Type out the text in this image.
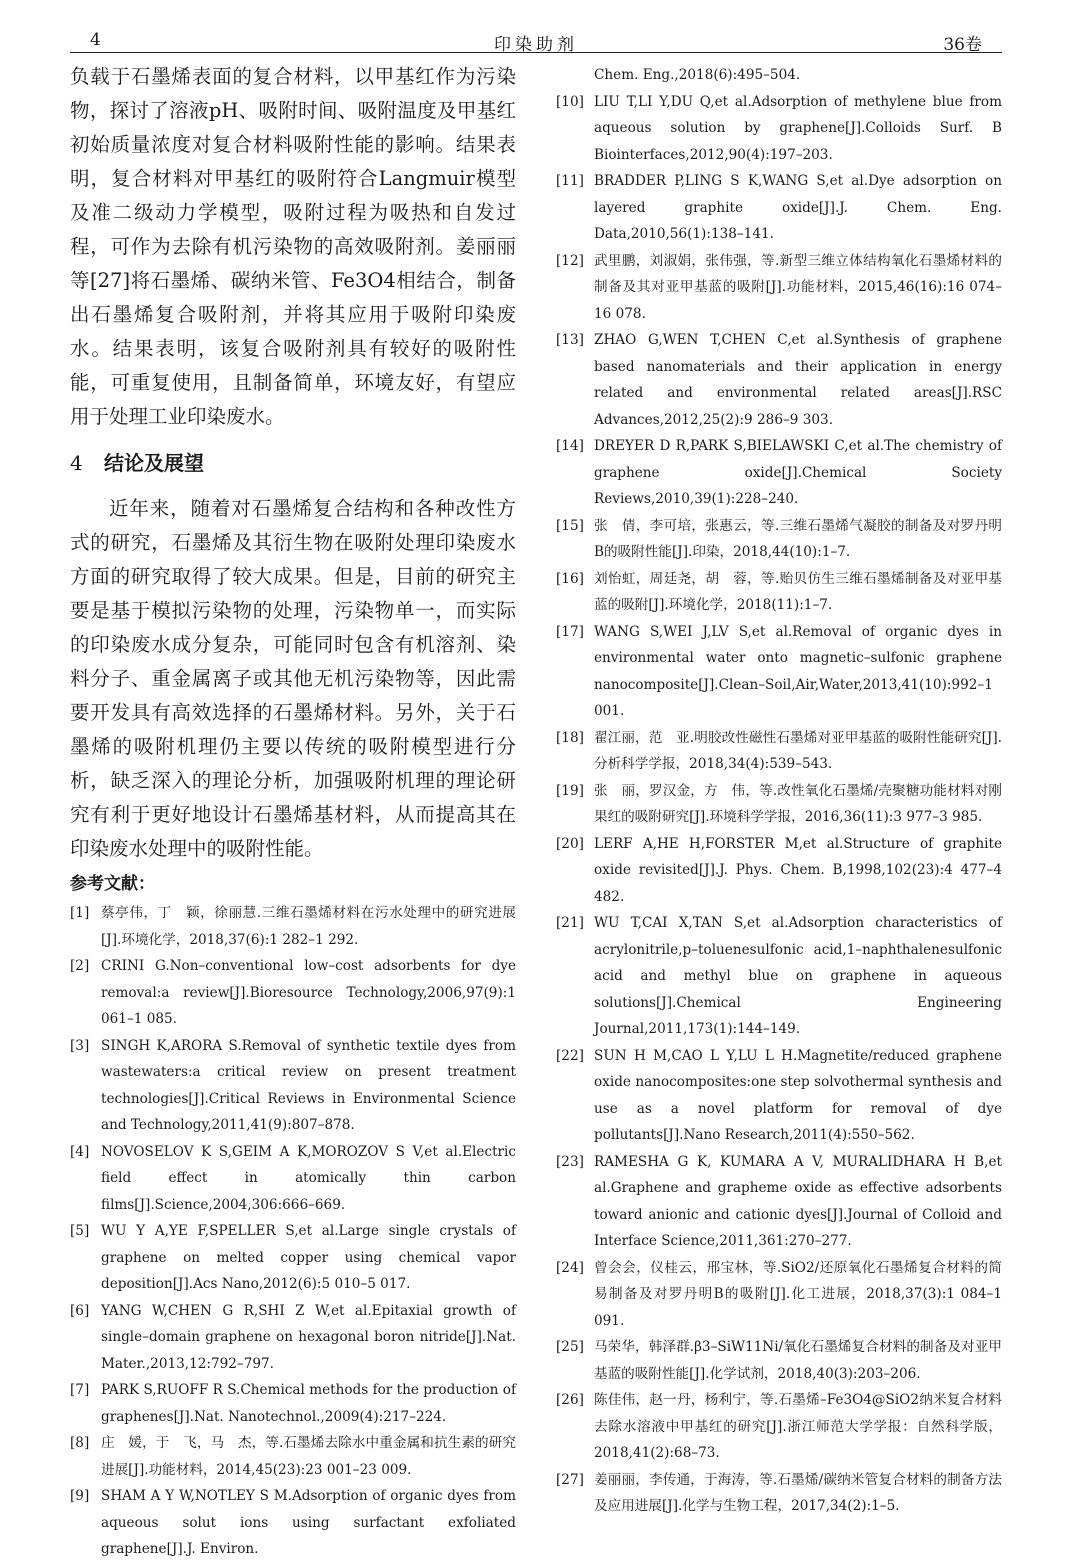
4	印染助剂	36卷

负载于石墨烯表面的复合材料，以甲基红作为污染物，探讨了溶液pH、吸附时间、吸附温度及甲基红初始质量浓度对复合材料吸附性能的影响。结果表明，复合材料对甲基红的吸附符合Langmuir模型及准二级动力学模型，吸附过程为吸热和自发过程，可作为去除有机污染物的高效吸附剂。姜丽丽等[27]将石墨烯、碳纳米管、Fe3O4相结合，制备出石墨烯复合吸附剂，并将其应用于吸附印染废水。结果表明，该复合吸附剂具有较好的吸附性能，可重复使用，且制备简单，环境友好，有望应用于处理工业印染废水。

4 结论及展望

近年来，随着对石墨烯复合结构和各种改性方式的研究，石墨烯及其衍生物在吸附处理印染废水方面的研究取得了较大成果。但是，目前的研究主要是基于模拟污染物的处理，污染物单一，而实际的印染废水成分复杂，可能同时包含有机溶剂、染料分子、重金属离子或其他无机污染物等，因此需要开发具有高效选择的石墨烯材料。另外，关于石墨烯的吸附机理仍主要以传统的吸附模型进行分析，缺乏深入的理论分析，加强吸附机理的理论研究有利于更好地设计石墨烯基材料，从而提高其在印染废水处理中的吸附性能。

参考文献：

[1] 蔡亭伟，丁　颖，徐丽慧.三维石墨烯材料在污水处理中的研究进展[J].环境化学，2018,37(6):1 282–1 292.

[2] CRINI G.Non–conventional low–cost adsorbents for dye removal:a review[J].Bioresource Technology,2006,97(9):1 061–1 085.

[3] SINGH K,ARORA S.Removal of synthetic textile dyes from wastewaters:a critical review on present treatment technologies[J].Critical Reviews in Environmental Science and Technology,2011,41(9):807–878.

[4] NOVOSELOV K S,GEIM A K,MOROZOV S V,et al.Electric field effect in atomically thin carbon films[J].Science,2004,306:666–669.

[5] WU Y A,YE F,SPELLER S,et al.Large single crystals of graphene on melted copper using chemical vapor deposition[J].Acs Nano,2012(6):5 010–5 017.

[6] YANG W,CHEN G R,SHI Z W,et al.Epitaxial growth of single–domain graphene on hexagonal boron nitride[J].Nat. Mater.,2013,12:792–797.

[7] PARK S,RUOFF R S.Chemical methods for the production of graphenes[J].Nat. Nanotechnol.,2009(4):217–224.

[8] 庄　媛，于　飞，马　杰，等.石墨烯去除水中重金属和抗生素的研究进展[J].功能材料，2014,45(23):23 001–23 009.

[9] SHAM A Y W,NOTLEY S M.Adsorption of organic dyes from aqueous solut ions using surfactant exfoliated graphene[J].J. Environ.

Chem. Eng.,2018(6):495–504.

[10] LIU T,LI Y,DU Q,et al.Adsorption of methylene blue from aqueous solution by graphene[J].Colloids Surf. B Biointerfaces,2012,90(4):197–203.

[11] BRADDER P,LING S K,WANG S,et al.Dye adsorption on layered graphite oxide[J].J. Chem. Eng. Data,2010,56(1):138–141.

[12] 武里鹏，刘淑娟，张伟强，等.新型三维立体结构氧化石墨烯材料的制备及其对亚甲基蓝的吸附[J].功能材料，2015,46(16):16 074–16 078.

[13] ZHAO G,WEN T,CHEN C,et al.Synthesis of graphene based nanomaterials and their application in energy related and environmental related areas[J].RSC Advances,2012,25(2):9 286–9 303.

[14] DREYER D R,PARK S,BIELAWSKI C,et al.The chemistry of graphene oxide[J].Chemical Society Reviews,2010,39(1):228–240.

[15] 张　倩，李可培，张惠云，等.三维石墨烯气凝胶的制备及对罗丹明B的吸附性能[J].印染，2018,44(10):1–7.

[16] 刘怡虹，周廷尧，胡　蓉，等.贻贝仿生三维石墨烯制备及对亚甲基蓝的吸附[J].环境化学，2018(11):1–7.

[17] WANG S,WEI J,LV S,et al.Removal of organic dyes in environmental water onto magnetic–sulfonic graphene nanocomposite[J].Clean–Soil,Air,Water,2013,41(10):992–1 001.

[18] 翟江丽，范　亚.明胶改性磁性石墨烯对亚甲基蓝的吸附性能研究[J].分析科学学报，2018,34(4):539–543.

[19] 张　丽，罗汉金，方　伟，等.改性氧化石墨烯/壳聚糖功能材料对刚果红的吸附研究[J].环境科学学报，2016,36(11):3 977–3 985.

[20] LERF A,HE H,FORSTER M,et al.Structure of graphite oxide revisited[J].J. Phys. Chem. B,1998,102(23):4 477–4 482.

[21] WU T,CAI X,TAN S,et al.Adsorption characteristics of acrylonitrile,p–toluenesulfonic acid,1–naphthalenesulfonic acid and methyl blue on graphene in aqueous solutions[J].Chemical Engineering Journal,2011,173(1):144–149.

[22] SUN H M,CAO L Y,LU L H.Magnetite/reduced graphene oxide nanocomposites:one step solvothermal synthesis and use as a novel platform for removal of dye pollutants[J].Nano Research,2011(4):550–562.

[23] RAMESHA G K, KUMARA A V, MURALIDHARA H B,et al.Graphene and grapheme oxide as effective adsorbents toward anionic and cationic dyes[J].Journal of Colloid and Interface Science,2011,361:270–277.

[24] 曾会会，仪桂云，邢宝林，等.SiO2/还原氧化石墨烯复合材料的简易制备及对罗丹明B的吸附[J].化工进展，2018,37(3):1 084–1 091.

[25] 马荣华，韩泽群.β3–SiW11Ni/氧化石墨烯复合材料的制备及对亚甲基蓝的吸附性能[J].化学试剂，2018,40(3):203–206.

[26] 陈佳伟，赵一丹，杨利宁，等.石墨烯–Fe3O4@SiO2纳米复合材料去除水溶液中甲基红的研究[J].浙江师范大学学报：自然科学版，2018,41(2):68–73.

[27] 姜丽丽，李传通，于海涛，等.石墨烯/碳纳米管复合材料的制备方法及应用进展[J].化学与生物工程，2017,34(2):1–5.
